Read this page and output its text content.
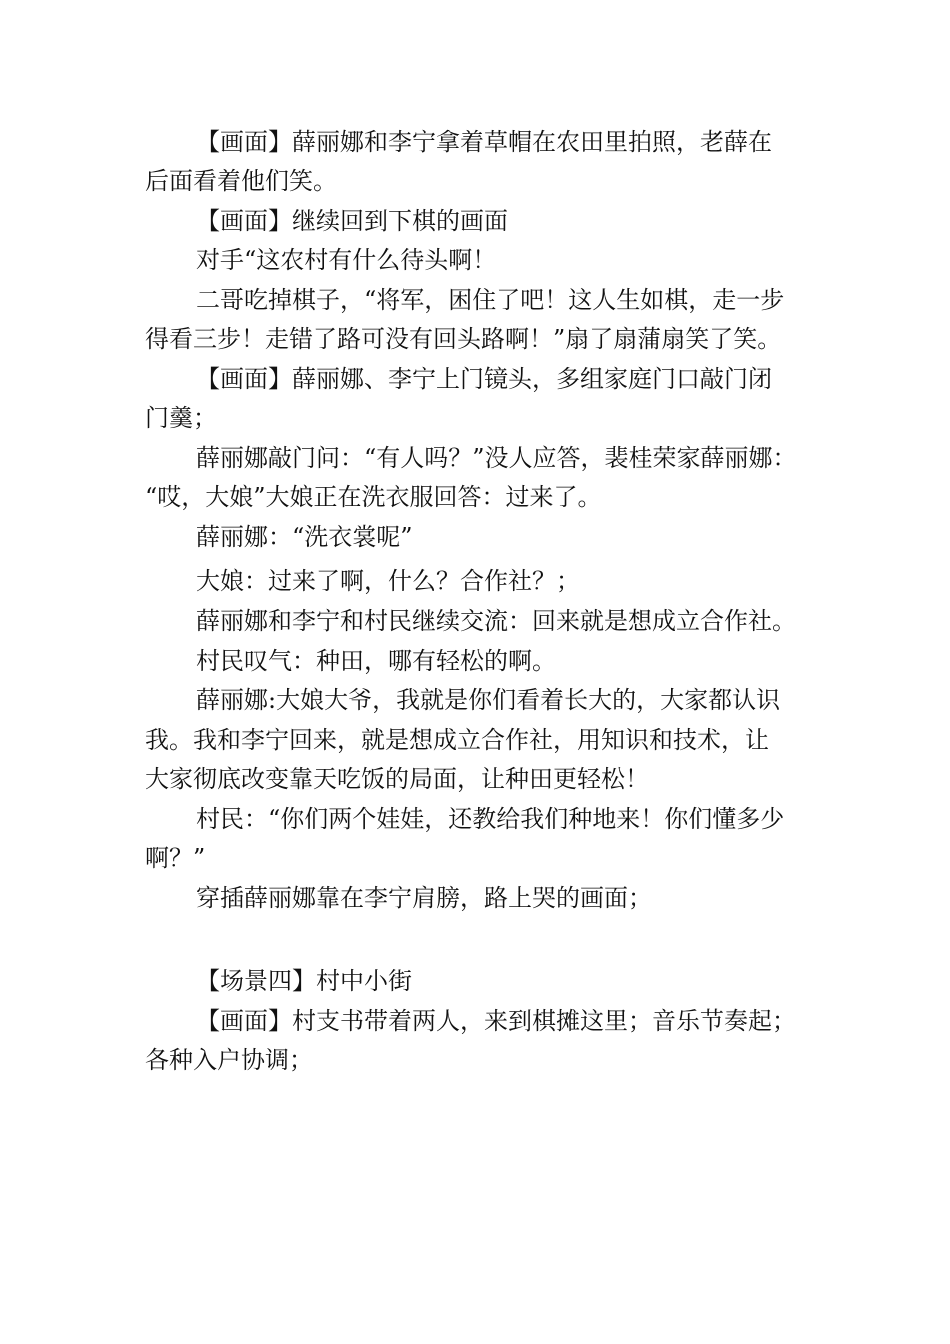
【画面】薛丽娜和李宁拿着草帽在农田里拍照，老薛在
后面看着他们笑。
【画面】继续回到下棋的画面
对手“这农村有什么待头啊！
二哥吃掉棋子，“将军，困住了吧！这人生如棋，走一步
得看三步！走错了路可没有回头路啊！”扇了扇蒲扇笑了笑。
【画面】薛丽娜、李宁上门镜头，多组家庭门口敲门闭
门羹；
薛丽娜敲门问：“有人吗？”没人应答，裴桂荣家薛丽娜：
“哎，大娘”大娘正在洗衣服回答：过来了。
薛丽娜：“洗衣裳呢”
大娘：过来了啊，什么？合作社？；
薛丽娜和李宁和村民继续交流：回来就是想成立合作社。
村民叹气：种田，哪有轻松的啊。
薛丽娜:大娘大爷，我就是你们看着长大的，大家都认识
我。我和李宁回来，就是想成立合作社，用知识和技术，让
大家彻底改变靠天吃饭的局面，让种田更轻松！
村民：“你们两个娃娃，还教给我们种地来！你们懂多少
啊？”
穿插薛丽娜靠在李宁肩膀，路上哭的画面；
【场景四】村中小街
【画面】村支书带着两人，来到棋摊这里；音乐节奏起；
各种入户协调；
